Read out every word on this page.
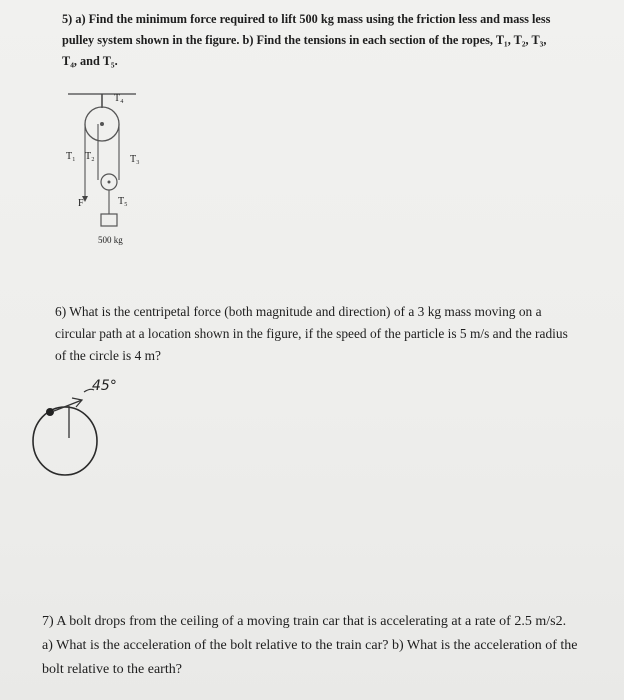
5) a) Find the minimum force required to lift 500 kg mass using the friction less and mass less
pulley system shown in the figure. b) Find the tensions in each section of the ropes, T₁, T₂, T₃,
T₄, and T₅.
T₄
T₁ T₂	T₃
T₅
F
500 kg
6) What is the centripetal force (both magnitude and direction) of a 3 kg mass moving on a
circular path at a location shown in the figure, if the speed of the particle is 5 m/s and the radius
of the circle is 4 m?
45°
7) A bolt drops from the ceiling of a moving train car that is accelerating at a rate of 2.5 m/s2.
a) What is the acceleration of the bolt relative to the train car? b) What is the acceleration of the
bolt relative to the earth?
